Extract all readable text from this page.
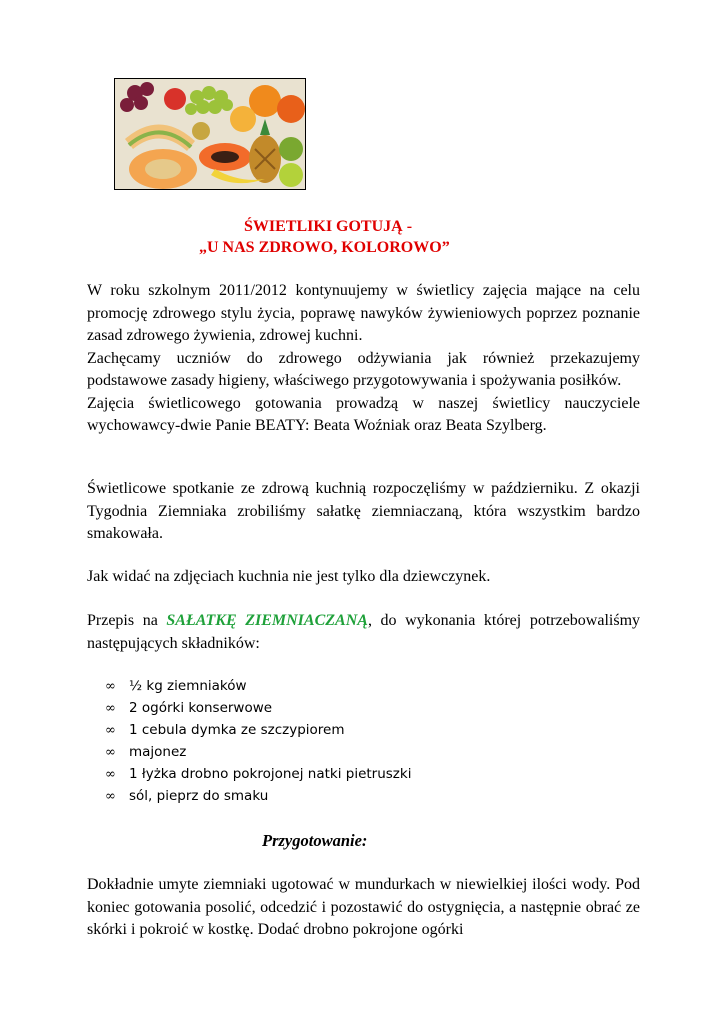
ŚWIETLIKI GOTUJĄ -
„U NAS ZDROWO, KOLOROWO”

W roku szkolnym 2011/2012 kontynuujemy w świetlicy zajęcia mające na celu promocję zdrowego stylu życia, poprawę nawyków żywieniowych poprzez poznanie zasad zdrowego żywienia, zdrowej kuchni.

Zachęcamy uczniów do zdrowego odżywiania jak również przekazujemy podstawowe zasady higieny, właściwego przygotowywania i spożywania posiłków.

Zajęcia świetlicowego gotowania prowadzą w naszej świetlicy nauczyciele wychowawcy-dwie Panie BEATY: Beata Woźniak oraz Beata Szylberg.

Świetlicowe spotkanie ze zdrową kuchnią rozpoczęliśmy w październiku. Z okazji Tygodnia Ziemniaka zrobiliśmy sałatkę ziemniaczaną, która wszystkim bardzo smakowała.
Jak widać na zdjęciach kuchnia nie jest tylko dla dziewczynek.
Przepis na SAŁATKĘ ZIEMNIACZANĄ, do wykonania której potrzebowaliśmy następujących składników:
∞ ½ kg ziemniaków
∞ 2 ogórki konserwowe
∞ 1 cebula dymka ze szczypiorem
∞ majonez
∞ 1 łyżka drobno pokrojonej natki pietruszki
∞ sól, pieprz do smaku
Przygotowanie:
Dokładnie umyte ziemniaki ugotować w mundurkach w niewielkiej ilości wody. Pod koniec gotowania posolić, odcedzić i pozostawić do ostygnięcia, a następnie obrać ze skórki i pokroić w kostkę. Dodać drobno pokrojone ogórki
